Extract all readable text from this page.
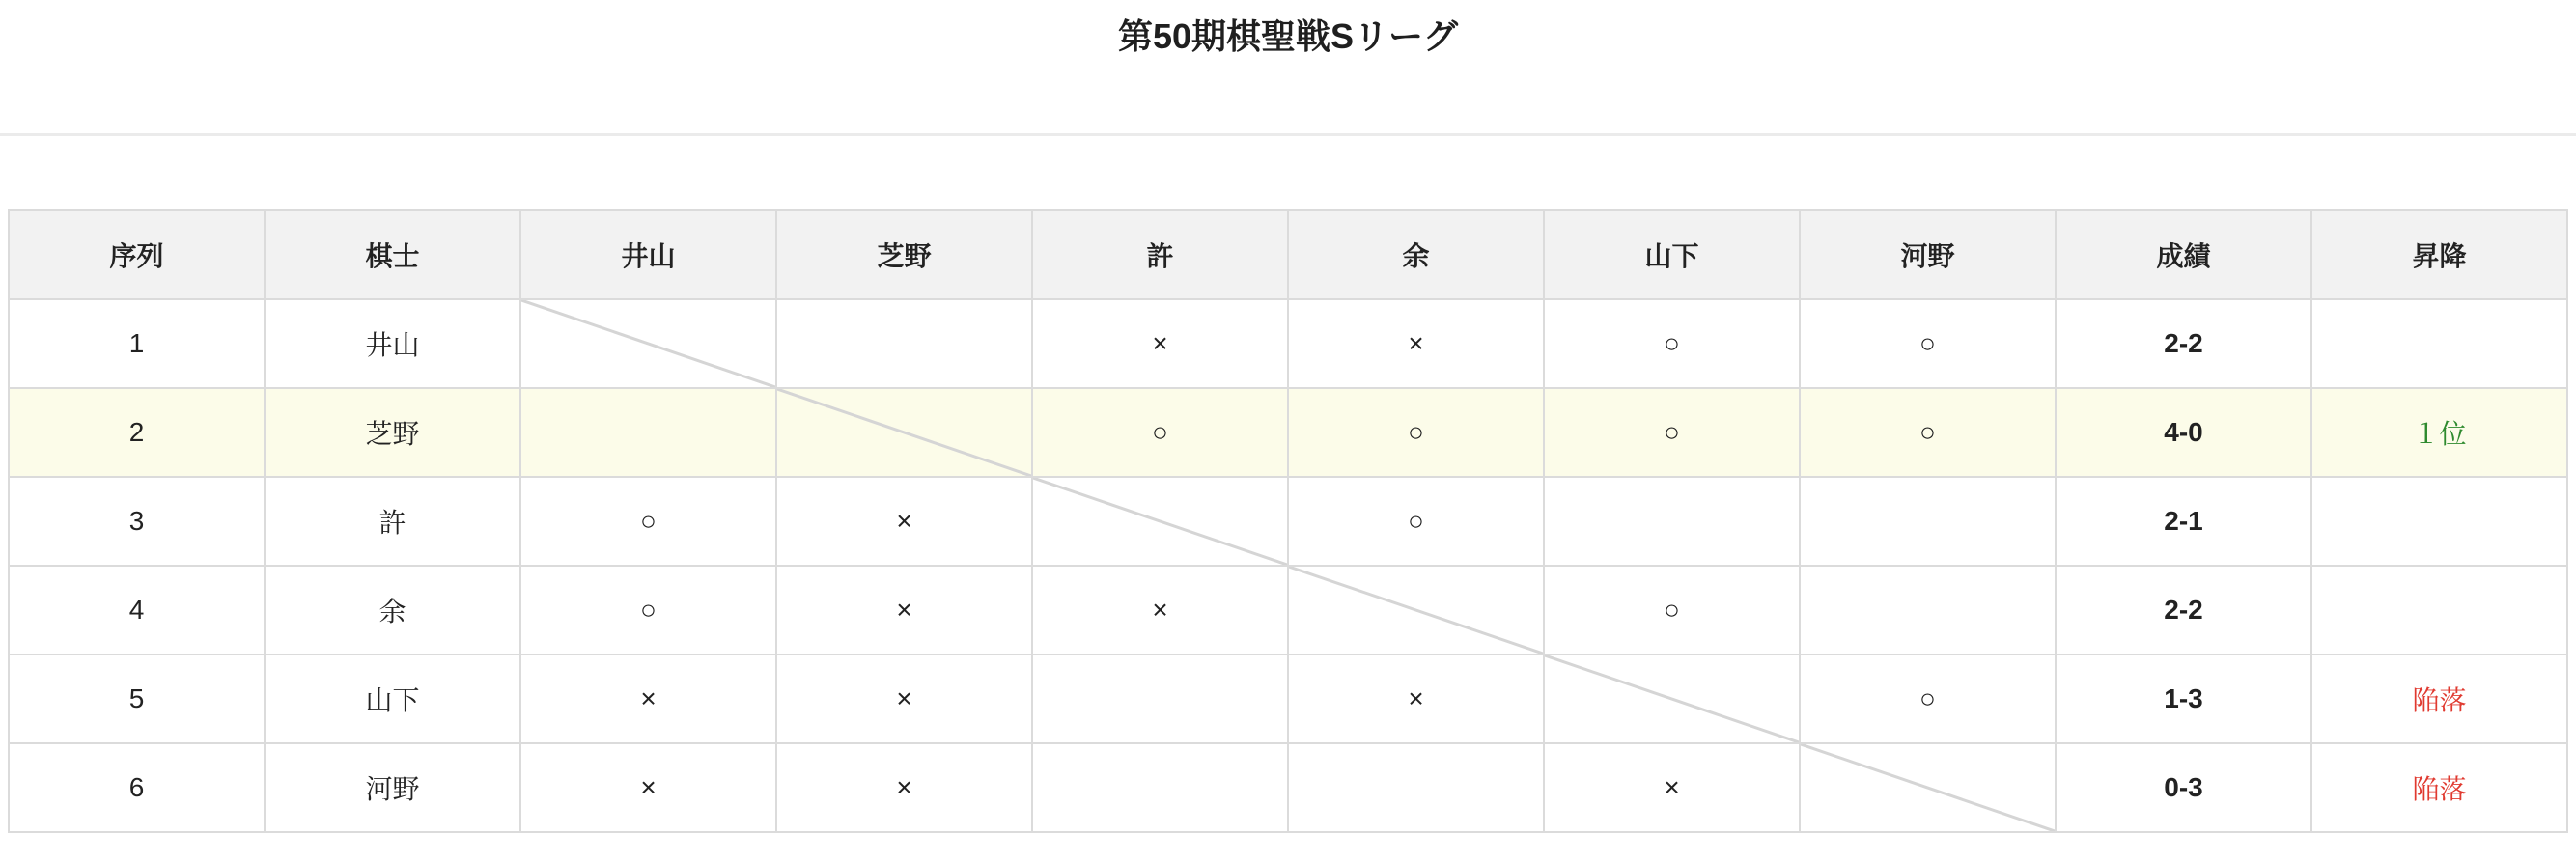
第50期棋聖戦Sリーグ
序列	棋士	井山	芝野	許	余	山下	河野	成績	昇降
1	井山			×	×	○	○	2-2	
2	芝野			○	○	○	○	4-0	１位
3	許	○	×		○			2-1	
4	余	○	×	×		○		2-2	
5	山下	×	×		×		○	1-3	陥落
6	河野	×	×			×		0-3	陥落
